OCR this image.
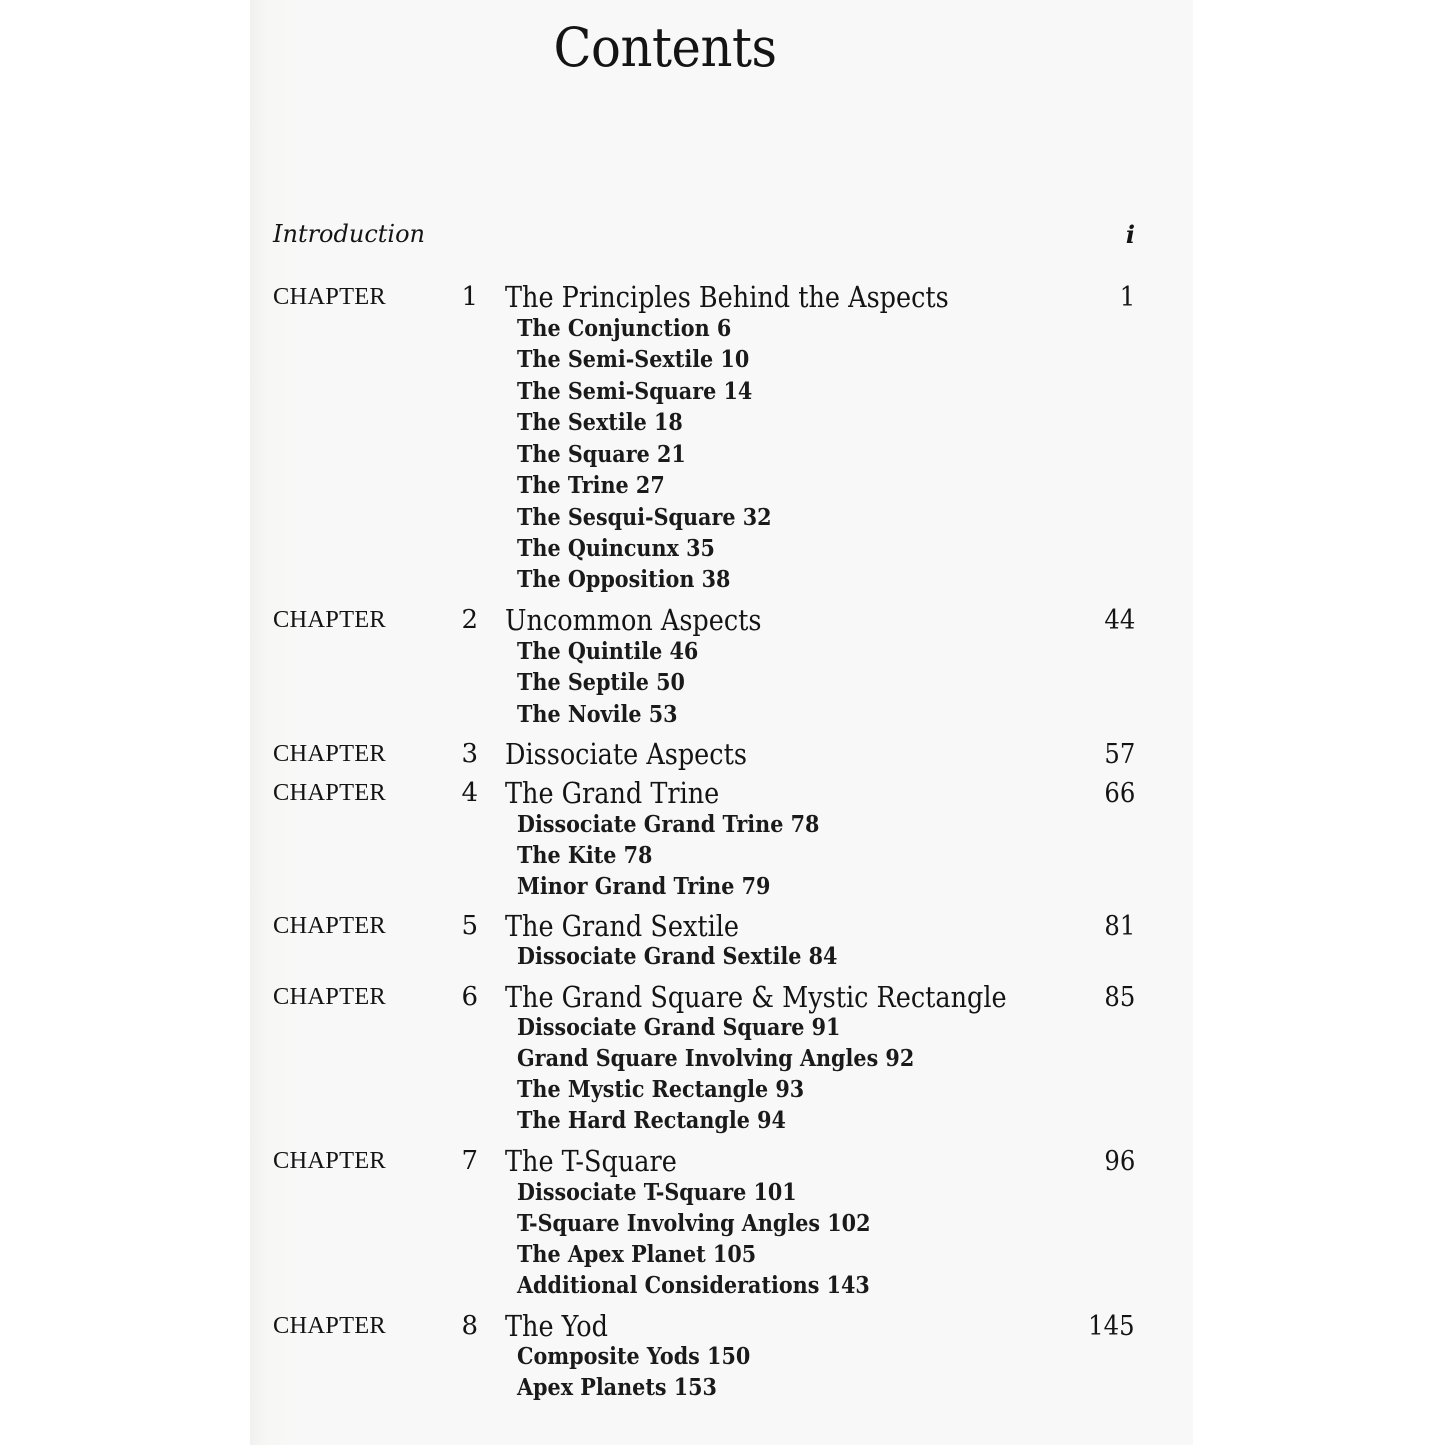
Contents
Introduction	i
CHAPTER	1 The Principles Behind the Aspects	1
The Conjunction 6
The Semi-Sextile 10
The Semi-Square 14
The Sextile 18
The Square 21
The Trine 27
The Sesqui-Square 32
The Quincunx 35
The Opposition 38
CHAPTER	2 Uncommon Aspects	44
The Quintile 46
The Septile 50
The Novile 53
CHAPTER	3 Dissociate Aspects	57
CHAPTER	4 The Grand Trine	66
Dissociate Grand Trine 78
The Kite 78
Minor Grand Trine 79
CHAPTER	5 The Grand Sextile	81
Dissociate Grand Sextile 84
CHAPTER	6 The Grand Square & Mystic Rectangle	85
Dissociate Grand Square 91
Grand Square Involving Angles 92
The Mystic Rectangle 93
The Hard Rectangle 94
CHAPTER	7 The T-Square	96
Dissociate T-Square 101
T-Square Involving Angles 102
The Apex Planet 105
Additional Considerations 143
CHAPTER	8 The Yod	145
Composite Yods 150
Apex Planets 153
